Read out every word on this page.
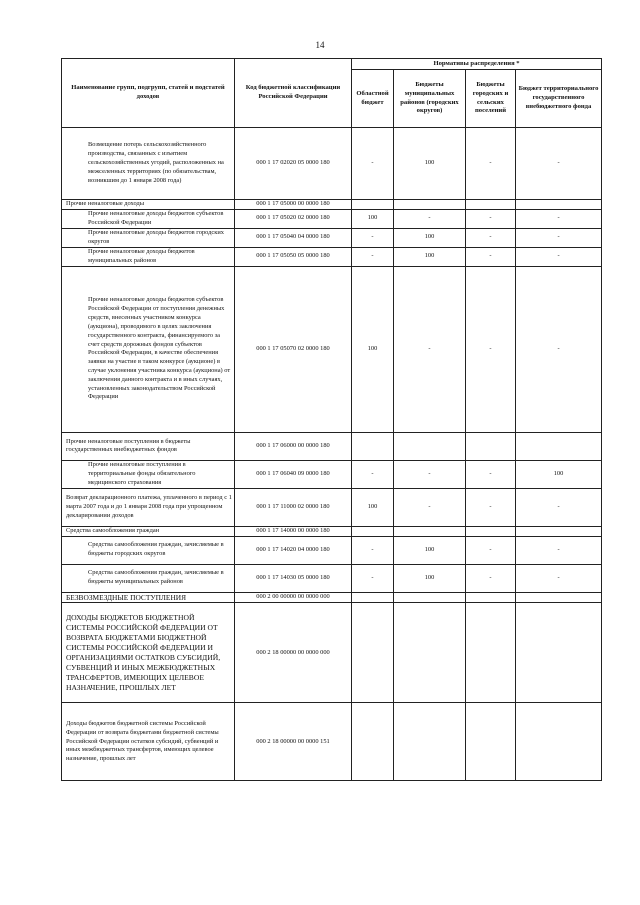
14
Наименование групп, подгрупп, статей и подстатей доходов	Код бюджетной классификации Российской Федерации	Нормативы распределения *			
		Областной бюджет	Бюджеты муниципальных районов (городских округов)	Бюджеты городских и сельских поселений	Бюджет территориального государственного внебюджетного фонда
Возмещение потерь сельскохозяйственного производства, связанных с изъятием сельскохозяйственных угодий, расположенных на межселенных территориях (по обязательствам, возникшим до 1 января 2008 года)	000 1 17 02020 05 0000 180	-	100	-	-
Прочие неналоговые доходы	000 1 17 05000 00 0000 180				
Прочие неналоговые доходы бюджетов субъектов Российской Федерации	000 1 17 05020 02 0000 180	100	-	-	-
Прочие неналоговые доходы бюджетов городских округов	000 1 17 05040 04 0000 180	-	100	-	-
Прочие неналоговые доходы бюджетов муниципальных районов	000 1 17 05050 05 0000 180	-	100	-	-
Прочие неналоговые доходы бюджетов субъектов Российской Федерации от поступления денежных средств, внесенных участником конкурса (аукциона), проводимого в целях заключения государственного контракта, финансируемого за счет средств дорожных фондов субъектов Российской Федерации, в качестве обеспечения заявки на участие в таком конкурсе (аукционе) в случае уклонения участника конкурса (аукциона) от заключения данного контракта и в иных случаях, установленных законодательством Российской Федерации	000 1 17 05070 02 0000 180	100	-	-	-
Прочие неналоговые поступления в бюджеты государственных внебюджетных фондов	000 1 17 06000 00 0000 180				
Прочие неналоговые поступления в территориальные фонды обязательного медицинского страхования	000 1 17 06040 09 0000 180	-	-	-	100
Возврат декларационного платежа, уплаченного в период с 1 марта 2007 года и до 1 января 2008 года при упрощенном декларировании доходов	000 1 17 11000 02 0000 180	100	-	-	-
Средства самообложения граждан	000 1 17 14000 00 0000 180				
Средства самообложения граждан, зачисляемые в бюджеты городских округов	000 1 17 14020 04 0000 180	-	100	-	-
Средства самообложения граждан, зачисляемые в бюджеты муниципальных районов	000 1 17 14030 05 0000 180	-	100	-	-
БЕЗВОЗМЕЗДНЫЕ ПОСТУПЛЕНИЯ	000 2 00 00000 00 0000 000				
ДОХОДЫ БЮДЖЕТОВ БЮДЖЕТНОЙ СИСТЕМЫ РОССИЙСКОЙ ФЕДЕРАЦИИ ОТ ВОЗВРАТА БЮДЖЕТАМИ БЮДЖЕТНОЙ СИСТЕМЫ РОССИЙСКОЙ ФЕДЕРАЦИИ И ОРГАНИЗАЦИЯМИ ОСТАТКОВ СУБСИДИЙ, СУБВЕНЦИЙ И ИНЫХ МЕЖБЮДЖЕТНЫХ ТРАНСФЕРТОВ, ИМЕЮЩИХ ЦЕЛЕВОЕ НАЗНАЧЕНИЕ, ПРОШЛЫХ ЛЕТ	000 2 18 00000 00 0000 000				
Доходы бюджетов бюджетной системы Российской Федерации от возврата бюджетами бюджетной системы Российской Федерации остатков субсидий, субвенций и иных межбюджетных трансфертов, имеющих целевое назначение, прошлых лет	000 2 18 00000 00 0000 151				
